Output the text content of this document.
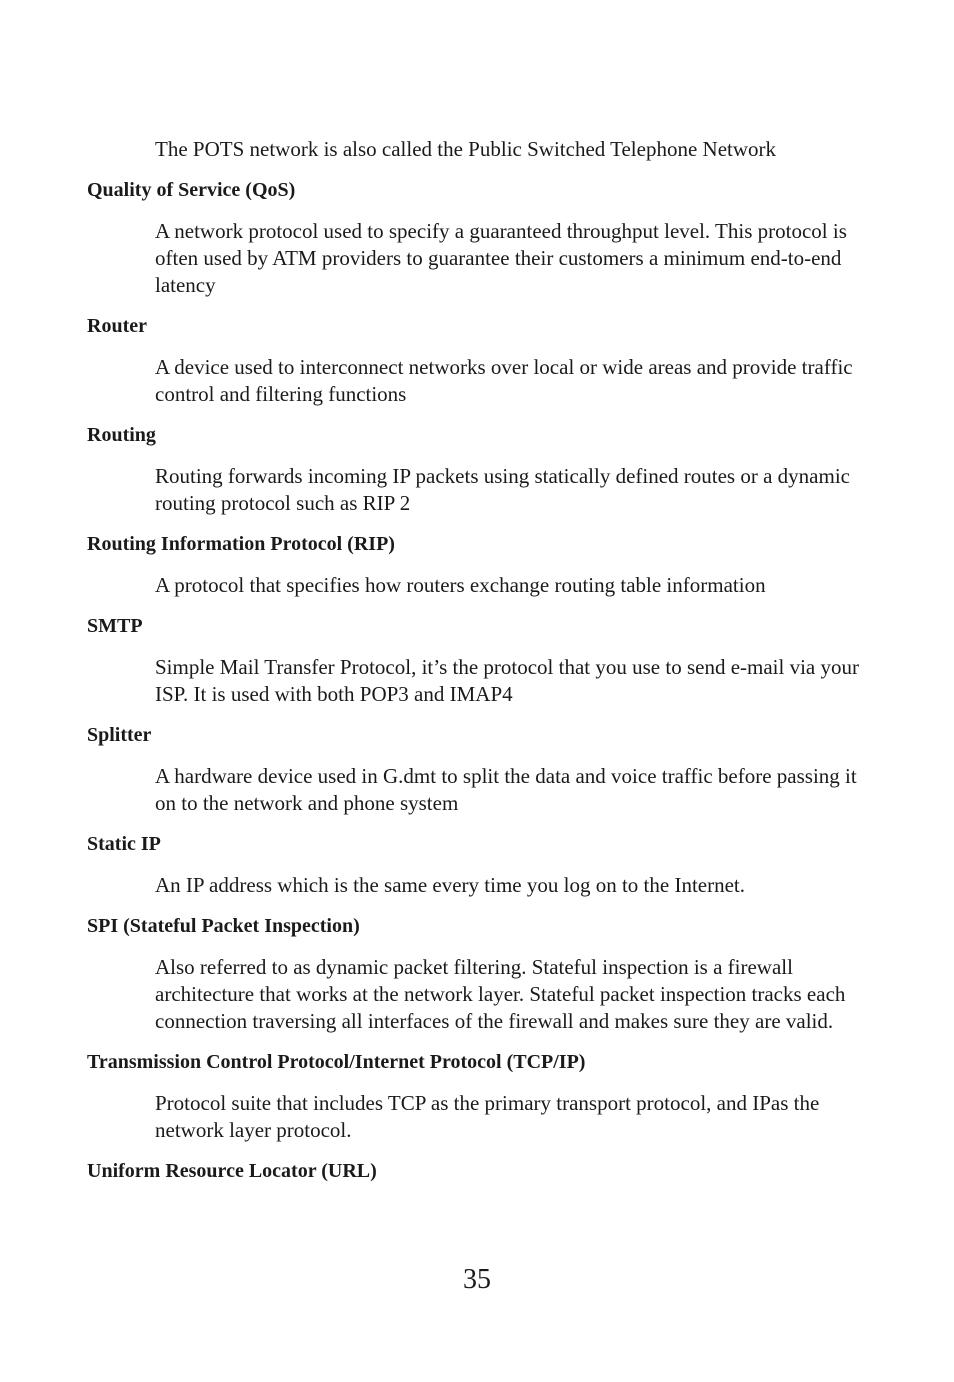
The POTS network is also called the Public Switched Telephone Network

Quality of Service (QoS)

A network protocol used to specify a guaranteed throughput level. This protocol is often used by ATM providers to guarantee their customers a minimum end-to-end latency

Router

A device used to interconnect networks over local or wide areas and provide traffic control and filtering functions

Routing

Routing forwards incoming IP packets using statically defined routes or a dynamic routing protocol such as RIP 2

Routing Information Protocol (RIP)

A protocol that specifies how routers exchange routing table information

SMTP

Simple Mail Transfer Protocol, it’s the protocol that you use to send e-mail via your ISP. It is used with both POP3 and IMAP4

Splitter

A hardware device used in G.dmt to split the data and voice traffic before passing it on to the network and phone system

Static IP

An IP address which is the same every time you log on to the Internet.

SPI (Stateful Packet Inspection)

Also referred to as dynamic packet filtering. Stateful inspection is a firewall architecture that works at the network layer. Stateful packet inspection tracks each connection traversing all interfaces of the firewall and makes sure they are valid.

Transmission Control Protocol/Internet Protocol (TCP/IP)

Protocol suite that includes TCP as the primary transport protocol, and IPas the network layer protocol.

Uniform Resource Locator (URL)
35
